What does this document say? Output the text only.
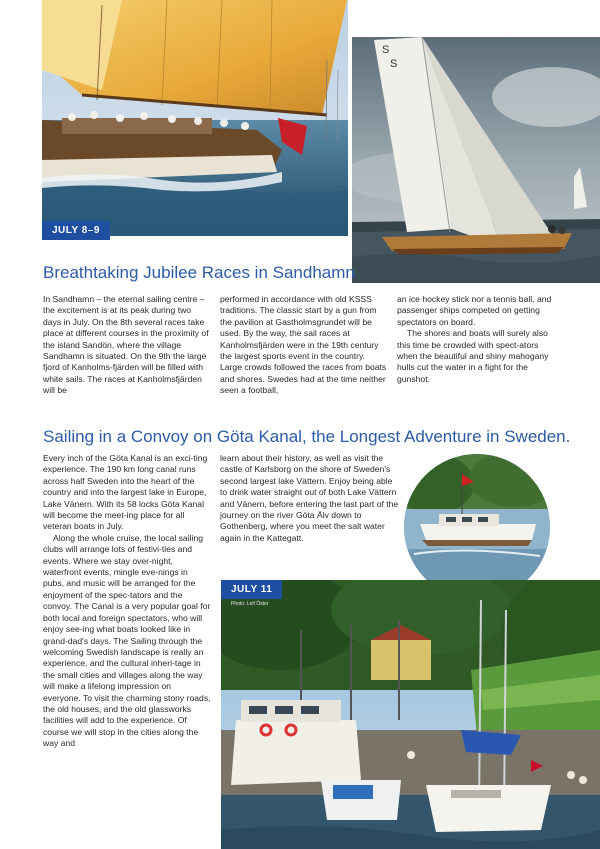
JULY 8–9
S
S
Breathtaking Jubilee Races in Sandhamn

In Sandhamn – the eternal sailing centre – the excitement is at its peak during two days in July. On the 8th several races take place at different courses in the proximity of the island Sandön, where the village Sandhamn is situated. On the 9th the large fjord of Kanholms-fjärden will be filled with white sails. The races at Kanholmsfjärden will be

performed in accordance with old KSSS traditions. The classic start by a gun from the pavilion at Gastholmsgrundet will be used. By the way, the sail races at Kanholmsfjärden were in the 19th century the largest sports event in the country. Large crowds followed the races from boats and shores. Swedes had at the time neither seen a football,

an ice hockey stick nor a tennis ball, and passenger ships competed on getting spectators on board.

The shores and boats will surely also this time be crowded with spect-ators when the beautiful and shiny mahogany hulls cut the water in a fight for the gunshot.

Sailing in a Convoy on Göta Kanal, the Longest Adventure in Sweden.

Every inch of the Göta Kanal is an exci-ting experience. The 190 km long canal runs across half Sweden into the heart of the country and into the largest lake in Europe, Lake Vänern. With its 58 locks Göta Kanal will become the meet-ing place for all veteran boats in July.

Along the whole cruise, the local sailing clubs will arrange lots of festivi-ties and events. Where we stay over-night, waterfront events, mingle eve-nings in pubs, and music will be arranged for the enjoyment of the spec-tators and the convoy. The Canal is a very popular goal for both local and foreign spectators, who will enjoy see-ing what boats looked like in grand-dad's days. The Sailing through the welcoming Swedish landscape is really an experience, and the cultural inheri-tage in the small cities and villages along the way will make a lifelong impression on everyone. To visit the charming stony roads, the old houses, and the old glassworks facilities will add to the experience. Of course we will stop in the cities along the way and

learn about their history, as well as visit the castle of Karlsborg on the shore of Sweden's second largest lake Vättern. Enjoy being able to drink water straight out of both Lake Vättern and Vänern, before entering the last part of the journey on the river Göta Älv down to Gothenberg, where you meet the salt water again in the Kattegatt.

JULY 11
Photo: Leif Öster
